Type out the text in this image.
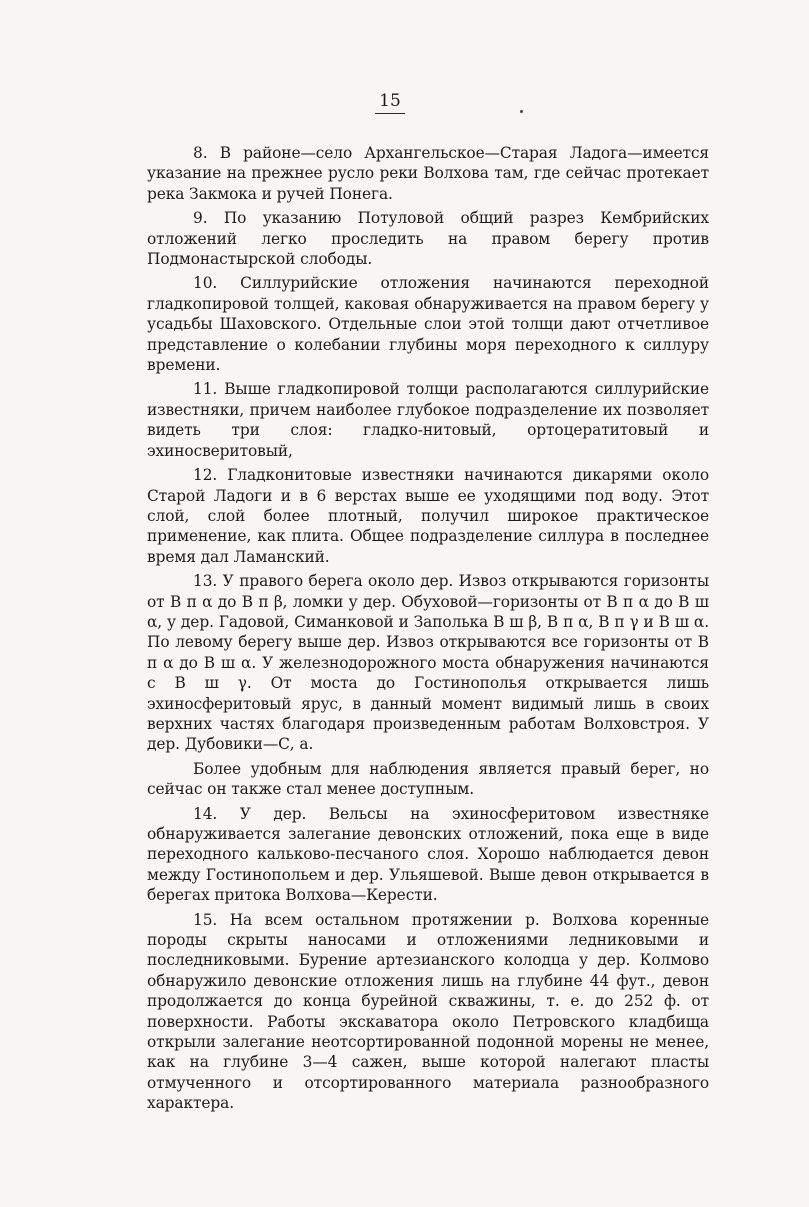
15

8. В районе—село Архангельское—Старая Ладога—имеется указание на прежнее русло реки Волхова там, где сейчас протекает река Закмока и ручей Понега.

9. По указанию Потуловой общий разрез Кембрийских отложений легко проследить на правом берегу против Подмонастырской слободы.

10. Силлурийские отложения начинаются переходной гладкопировой толщей, каковая обнаруживается на правом берегу у усадьбы Шаховского. Отдельные слои этой толщи дают отчетливое представление о колебании глубины моря переходного к силлуру времени.

11. Выше гладкопировой толщи располагаются силлурийские известняки, причем наиболее глубокое подразделение их позволяет видеть три слоя: гладко-нитовый, ортоцератитовый и эхиносверитовый,

12. Гладконитовые известняки начинаются дикарями около Старой Ладоги и в 6 верстах выше ее уходящими под воду. Этот слой, слой более плотный, получил широкое практическое применение, как плита. Общее подразделение силлура в последнее время дал Ламанский.

13. У правого берега около дер. Извоз открываются горизонты от В п α до В п β, ломки у дер. Обуховой—горизонты от В п α до В ш α, у дер. Гадовой, Симанковой и Заполька В ш β, В п α, В п γ и В ш α. По левому берегу выше дер. Извоз открываются все горизонты от В п α до В ш α. У железнодорожного моста обнаружения начинаются с В ш γ. От моста до Гостинополья открывается лишь эхиносферитовый ярус, в данный момент видимый лишь в своих верхних частях благодаря произведенным работам Волховстроя. У дер. Дубовики—С, а.

Более удобным для наблюдения является правый берег, но сейчас он также стал менее доступным.

14. У дер. Вельсы на эхиносферитовом известняке обнаруживается залегание девонских отложений, пока еще в виде переходного кальково-песчаного слоя. Хорошо наблюдается девон между Гостинопольем и дер. Ульяшевой. Выше девон открывается в берегах притока Волхова—Керести.

15. На всем остальном протяжении р. Волхова коренные породы скрыты наносами и отложениями ледниковыми и последниковыми. Бурение артезианского колодца у дер. Колмово обнаружило девонские отложения лишь на глубине 44 фут., девон продолжается до конца бурейной скважины, т. е. до 252 ф. от поверхности. Работы экскаватора около Петровского кладбища открыли залегание неотсортированной подонной морены не менее, как на глубине 3—4 сажен, выше которой налегают пласты отмученного и отсортированного материала разнообразного характера.
